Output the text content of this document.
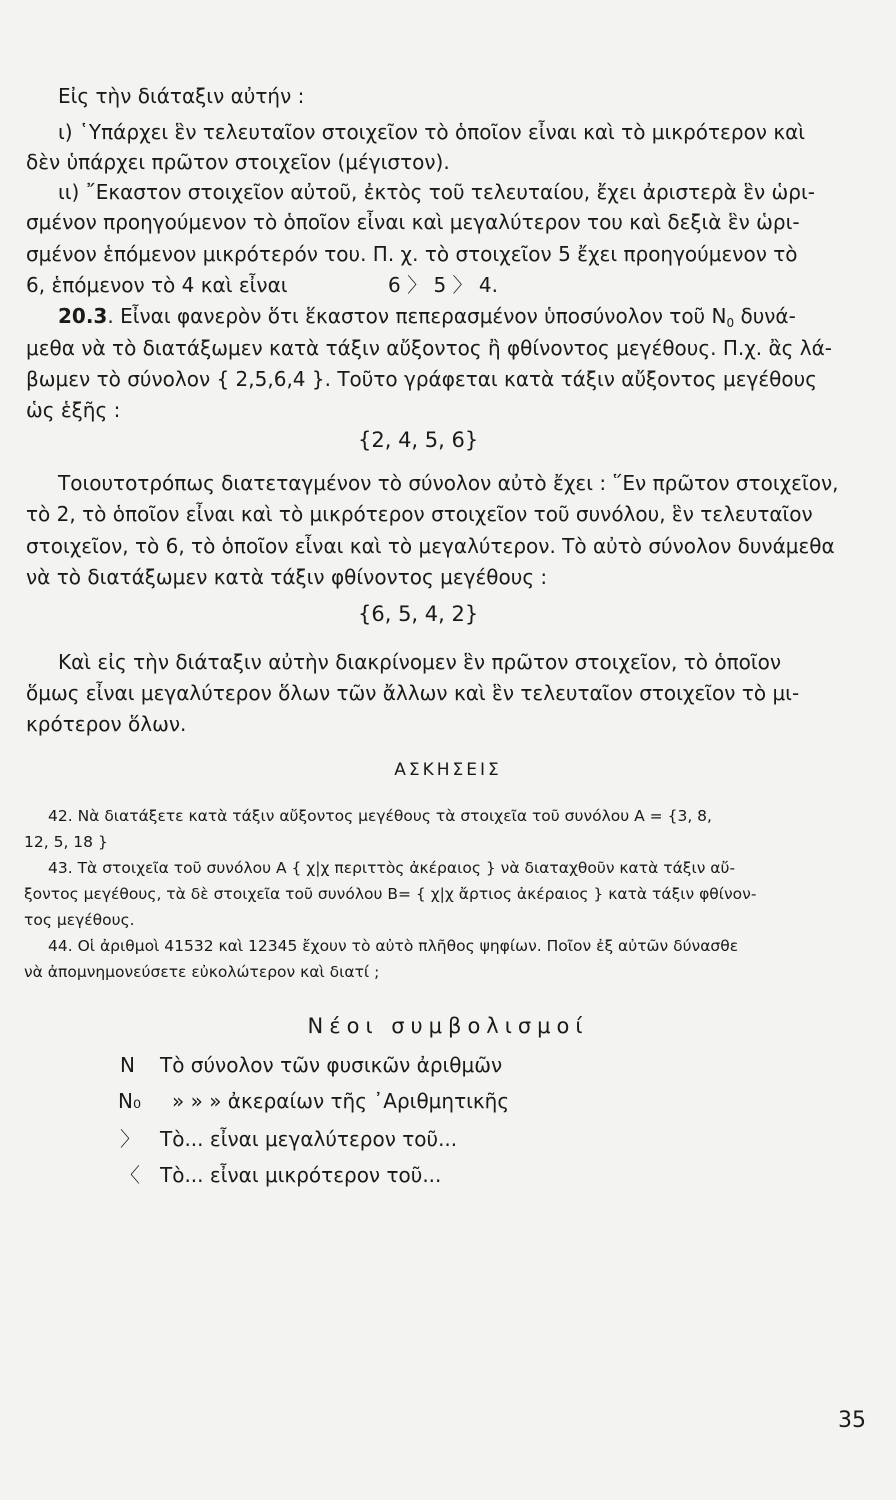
Εἰς τὴν διάταξιν αὐτήν :
ι) ῾Υπάρχει ἓν τελευταῖον στοιχεῖον τὸ ὁποῖον εἶναι καὶ τὸ μικρότερον καὶ
δὲν ὑπάρχει πρῶτον στοιχεῖον (μέγιστον).
ιι) ῎Εκαστον στοιχεῖον αὐτοῦ, ἐκτὸς τοῦ τελευταίου, ἔχει ἀριστερὰ ἓν ὡρι-
σμένον προηγούμενον τὸ ὁποῖον εἶναι καὶ μεγαλύτερον του καὶ δεξιὰ ἓν ὡρι-
σμένον ἑπόμενον μικρότερόν του. Π. χ. τὸ στοιχεῖον 5 ἔχει προηγούμενον τὸ
6, ἑπόμενον τὸ 4 καὶ εἶναι	6 〉 5 〉 4.
20.3. Εἶναι φανερὸν ὅτι ἕκαστον πεπερασμένον ὑποσύνολον τοῦ $N_0$ δυνά-
μεθα νὰ τὸ διατάξωμεν κατὰ τάξιν αὔξοντος ἢ φθίνοντος μεγέθους. Π.χ. ἂς λά-
βωμεν τὸ σύνολον { 2,5,6,4 }. Τοῦτο γράφεται κατὰ τάξιν αὔξοντος μεγέθους
ὡς ἑξῆς :
{2, 4, 5, 6}
Τοιουτοτρόπως διατεταγμένον τὸ σύνολον αὐτὸ ἔχει : ῞Εν πρῶτον στοιχεῖον,
τὸ 2, τὸ ὁποῖον εἶναι καὶ τὸ μικρότερον στοιχεῖον τοῦ συνόλου, ἓν τελευταῖον
στοιχεῖον, τὸ 6, τὸ ὁποῖον εἶναι καὶ τὸ μεγαλύτερον. Τὸ αὐτὸ σύνολον δυνάμεθα
νὰ τὸ διατάξωμεν κατὰ τάξιν φθίνοντος μεγέθους :
{6, 5, 4, 2}
Καὶ εἰς τὴν διάταξιν αὐτὴν διακρίνομεν ἓν πρῶτον στοιχεῖον, τὸ ὁποῖον
ὅμως εἶναι μεγαλύτερον ὅλων τῶν ἄλλων καὶ ἓν τελευταῖον στοιχεῖον τὸ μι-
κρότερον ὅλων.
ΑΣΚΗΣΕΙΣ
42. Νὰ διατάξετε κατὰ τάξιν αὔξοντος μεγέθους τὰ στοιχεῖα τοῦ συνόλου A = {3, 8,
12, 5, 18 }
43. Τὰ στοιχεῖα τοῦ συνόλου A { χ|χ περιττὸς ἀκέραιος } νὰ διαταχθοῦν κατὰ τάξιν αὔ-
ξοντος μεγέθους, τὰ δὲ στοιχεῖα τοῦ συνόλου B= { χ|χ ἄρτιος ἀκέραιος } κατὰ τάξιν φθίνον-
τος μεγέθους.
44. Οἱ ἀριθμοὶ 41532 καὶ 12345 ἔχουν τὸ αὐτὸ πλῆθος ψηφίων. Ποῖον ἐξ αὐτῶν δύνασθε
νὰ ἀπομνημονεύσετε εὐκολώτερον καὶ διατί ;
Νέοι συμβολισμοί
N Τὸ σύνολον τῶν φυσικῶν ἀριθμῶν
N₀ » » » ἀκεραίων τῆς ᾿Αριθμητικῆς
〉 Τὸ... εἶναι μεγαλύτερον τοῦ...
〈 Τὸ... εἶναι μικρότερον τοῦ...
35
